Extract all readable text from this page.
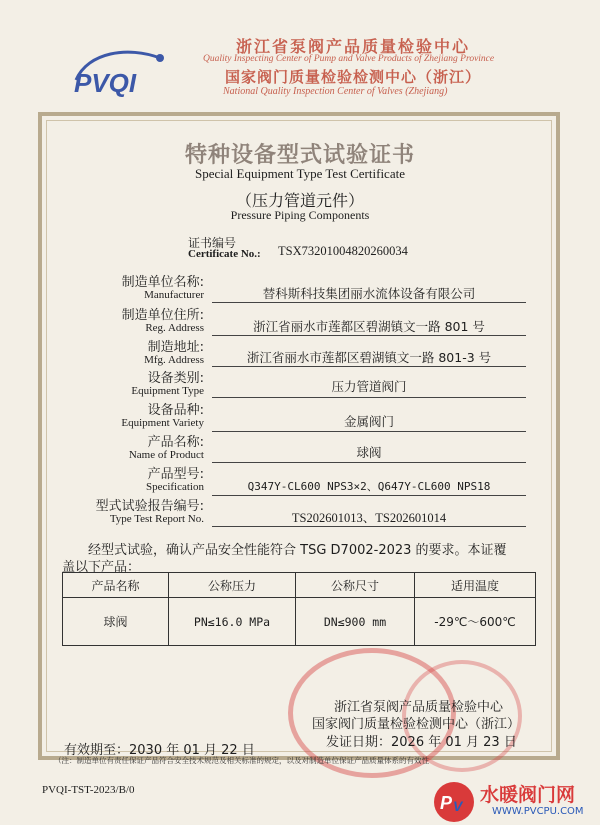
PVQI
浙江省泵阀产品质量检验中心
Quality Inspecting Center of Pump and Valve Products of Zhejiang Province
国家阀门质量检验检测中心（浙江）
National Quality Inspection Center of Valves (Zhejiang)
特种设备型式试验证书
Special Equipment Type Test Certificate
（压力管道元件）
Pressure Piping Components
证书编号
Certificate No.: TSX73201004820260034
制造单位名称:
Manufacturer	替科斯科技集团丽水流体设备有限公司
制造单位住所:
Reg. Address	浙江省丽水市莲都区碧湖镇文一路 801 号
制造地址:
Mfg. Address	浙江省丽水市莲都区碧湖镇文一路 801-3 号
设备类别:
Equipment Type	压力管道阀门
设备品种:
Equipment Variety	金属阀门
产品名称:
Name of Product	球阀
产品型号:
Specification	Q347Y-CL600 NPS3×2、Q647Y-CL600 NPS18
型式试验报告编号:
Type Test Report No.	TS202601013、TS202601014
经型式试验，确认产品安全性能符合 TSG D7002-2023 的要求。本证覆
盖以下产品：
产品名称	公称压力	公称尺寸	适用温度
球阀	PN≤16.0 MPa	DN≤900 mm	-29℃～600℃
浙江省泵阀产品质量检验中心
国家阀门质量检验检测中心（浙江）
发证日期：2026 年 01 月 23 日
有效期至：2030 年 01 月 22 日
（注：制造单位有责任保证产品符合安全技术规范及相关标准的规定，以及对制造单位保证产品质量体系的有效性
PVQI-TST-2023/B/0
P V 水暖阀门网
WWW.PVCPU.COM
